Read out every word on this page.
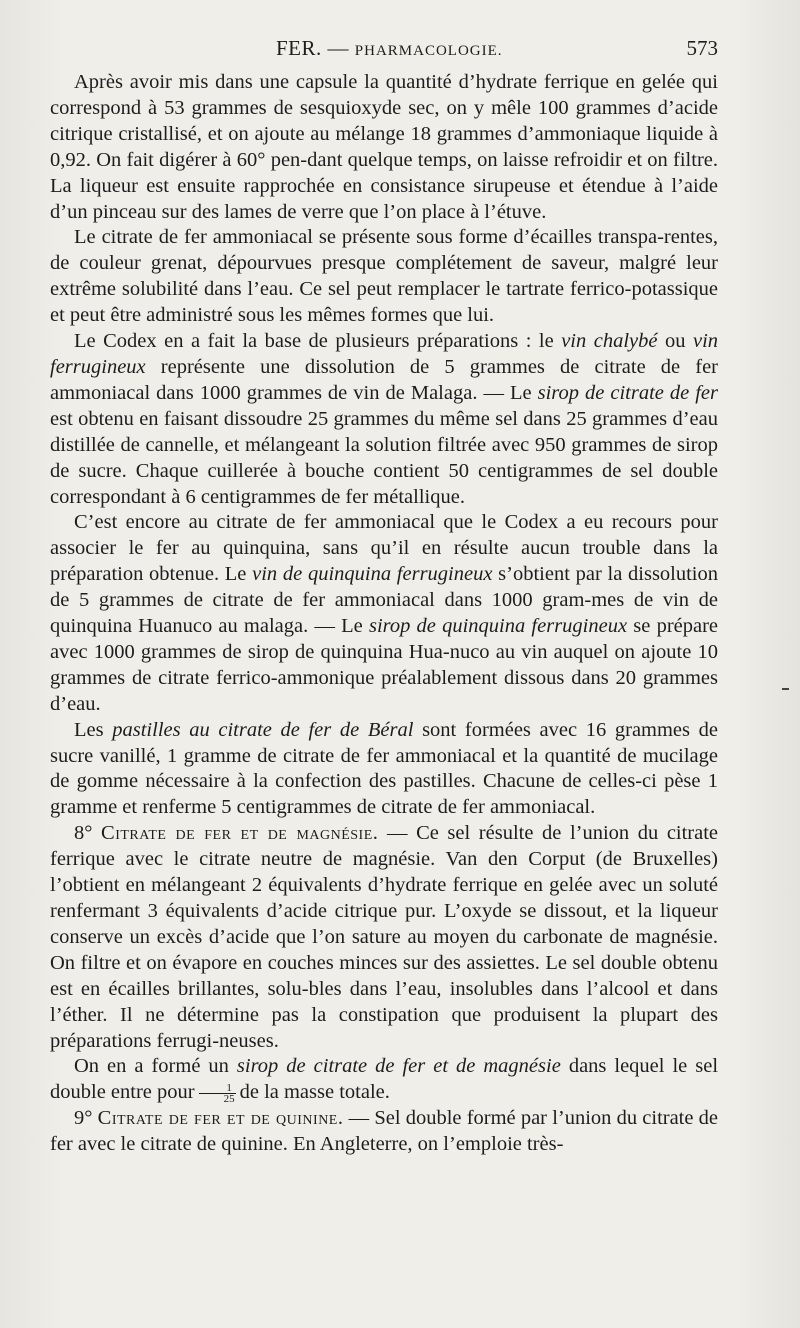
FER. — PHARMACOLOGIE.	573

Après avoir mis dans une capsule la quantité d’hydrate ferrique en gelée qui correspond à 53 grammes de sesquioxyde sec, on y mêle 100 grammes d’acide citrique cristallisé, et on ajoute au mélange 18 grammes d’ammoniaque liquide à 0,92. On fait digérer à 60° pen-dant quelque temps, on laisse refroidir et on filtre. La liqueur est ensuite rapprochée en consistance sirupeuse et étendue à l’aide d’un pinceau sur des lames de verre que l’on place à l’étuve.

Le citrate de fer ammoniacal se présente sous forme d’écailles transpa-rentes, de couleur grenat, dépourvues presque complétement de saveur, malgré leur extrême solubilité dans l’eau. Ce sel peut remplacer le tartrate ferrico-potassique et peut être administré sous les mêmes formes que lui.

Le Codex en a fait la base de plusieurs préparations : le vin chalybé ou vin ferrugineux représente une dissolution de 5 grammes de citrate de fer ammoniacal dans 1000 grammes de vin de Malaga. — Le sirop de citrate de fer est obtenu en faisant dissoudre 25 grammes du même sel dans 25 grammes d’eau distillée de cannelle, et mélangeant la solution filtrée avec 950 grammes de sirop de sucre. Chaque cuillerée à bouche contient 50 centigrammes de sel double correspondant à 6 centigrammes de fer métallique.

C’est encore au citrate de fer ammoniacal que le Codex a eu recours pour associer le fer au quinquina, sans qu’il en résulte aucun trouble dans la préparation obtenue. Le vin de quinquina ferrugineux s’obtient par la dissolution de 5 grammes de citrate de fer ammoniacal dans 1000 gram-mes de vin de quinquina Huanuco au malaga. — Le sirop de quinquina ferrugineux se prépare avec 1000 grammes de sirop de quinquina Hua-nuco au vin auquel on ajoute 10 grammes de citrate ferrico-ammonique préalablement dissous dans 20 grammes d’eau.

Les pastilles au citrate de fer de Béral sont formées avec 16 grammes de sucre vanillé, 1 gramme de citrate de fer ammoniacal et la quantité de mucilage de gomme nécessaire à la confection des pastilles. Chacune de celles-ci pèse 1 gramme et renferme 5 centigrammes de citrate de fer ammoniacal.

8° Citrate de fer et de magnésie. — Ce sel résulte de l’union du citrate ferrique avec le citrate neutre de magnésie. Van den Corput (de Bruxelles) l’obtient en mélangeant 2 équivalents d’hydrate ferrique en gelée avec un soluté renfermant 3 équivalents d’acide citrique pur. L’oxyde se dissout, et la liqueur conserve un excès d’acide que l’on sature au moyen du carbonate de magnésie. On filtre et on évapore en couches minces sur des assiettes. Le sel double obtenu est en écailles brillantes, solu-bles dans l’eau, insolubles dans l’alcool et dans l’éther. Il ne détermine pas la constipation que produisent la plupart des préparations ferrugi-neuses.

On en a formé un sirop de citrate de fer et de magnésie dans lequel le sel double entre pour $\frac{1}{25}$ de la masse totale.

9° Citrate de fer et de quinine. — Sel double formé par l’union du citrate de fer avec le citrate de quinine. En Angleterre, on l’emploie très-
